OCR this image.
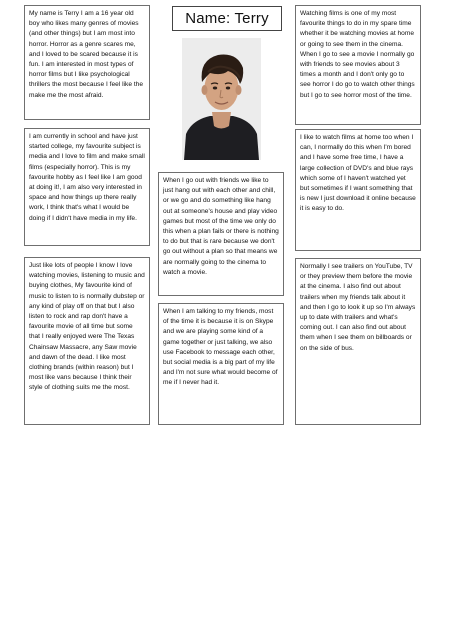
My name is Terry I am a 16 year old boy who likes many genres of movies (and other things) but I am most into horror. Horror as a genre scares me, and I loved to be scared because it is fun. I am interested in most types of horror films but I like psychological thrillers the most because I feel like the make me the most afraid.
Name: Terry	Watching films is one of my most favourite things to do in my spare time whether it be watching movies at home or going to see them in the cinema. When I go to see a movie I normally go with friends to see movies about 3 times a month and I don't only go to see horror I do go to watch other things but I go to see horror most of the time.
I am currently in school and have just started college, my favourite subject is media and I love to film and make small films (especially horror). This is my favourite hobby as I feel like I am good at doing it!, I am also very interested in space and how things up there really work, I think that's what I would be doing if I didn't have media in my life.
When I go out with friends we like to just hang out with each other and chill, or we go and do something like hang out at someone's house and play video games but most of the time we only do this when a plan fails or there is nothing to do but that is rare because we don't go out without a plan so that means we are normally going to the cinema to watch a movie.
I like to watch films at home too when I can, I normally do this when I'm bored and I have some free time, I have a large collection of DVD's and blue rays which some of I haven't watched yet but sometimes if I want something that is new I just download it online because it is easy to do.
Just like lots of people I know I love watching movies, listening to music and buying clothes, My favourite kind of music to listen to is normally dubstep or any kind of play off on that but I also listen to rock and rap don't have a favourite movie of all time but some that I really enjoyed were The Texas Chainsaw Massacre, any Saw movie and dawn of the dead. I like most clothing brands (within reason) but I most like vans because I think their style of clothing suits me the most.
When I am talking to my friends, most of the time it is because it is on Skype and we are playing some kind of a game together or just talking, we also use Facebook to message each other, but social media is a big part of my life and I'm not sure what would become of me if I never had it.
Normally I see trailers on YouTube, TV or they preview them before the movie at the cinema. I also find out about trailers when my friends talk about it and then I go to look it up so I'm always up to date with trailers and what's coming out. I can also find out about them when I see them on billboards or on the side of bus.
